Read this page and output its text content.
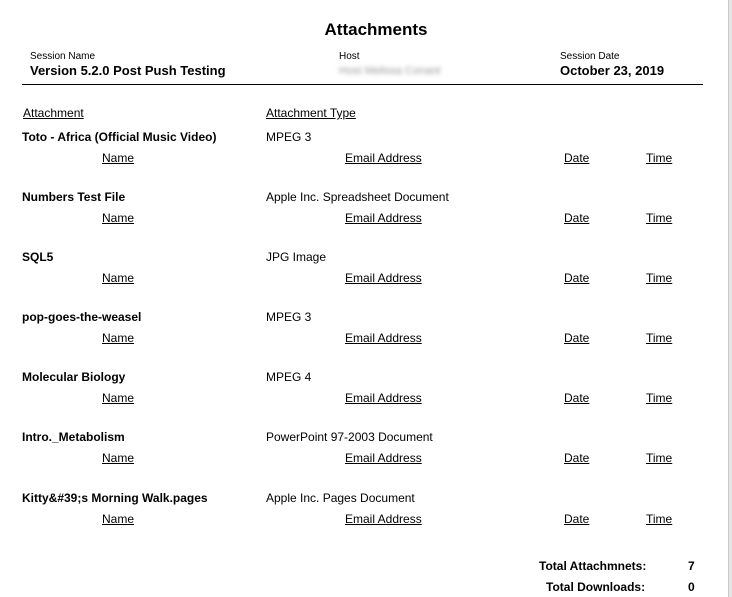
Attachments
Session Name
Version 5.2.0 Post Push Testing
Host
Host Melissa Conant
Session Date
October 23, 2019
Attachment	Attachment Type
Toto - Africa (Official Music Video)	MPEG 3
Name	Email Address	Date	Time
Numbers Test File	Apple Inc. Spreadsheet Document
Name	Email Address	Date	Time
SQL5	JPG Image
Name	Email Address	Date	Time
pop-goes-the-weasel	MPEG 3
Name	Email Address	Date	Time
Molecular Biology	MPEG 4
Name	Email Address	Date	Time
Intro._Metabolism	PowerPoint 97-2003 Document
Name	Email Address	Date	Time
Kitty&#39;s Morning Walk.pages	Apple Inc. Pages Document
Name	Email Address	Date	Time
Total Attachmnets:	7
Total Downloads:	0
